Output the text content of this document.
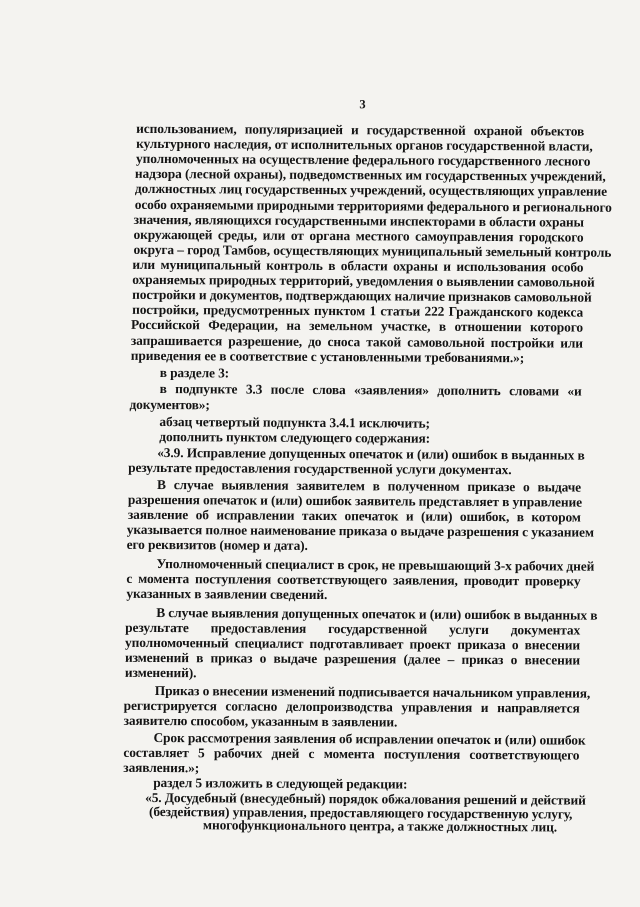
3
использованием, популяризацией и государственной охраной объектов
культурного наследия, от исполнительных органов государственной власти,
уполномоченных на осуществление федерального государственного лесного
надзора (лесной охраны), подведомственных им государственных учреждений,
должностных лиц государственных учреждений, осуществляющих управление
особо охраняемыми природными территориями федерального и регионального
значения, являющихся государственными инспекторами в области охраны
окружающей среды, или от органа местного самоуправления городского
округа – город Тамбов, осуществляющих муниципальный земельный контроль
или муниципальный контроль в области охраны и использования особо
охраняемых природных территорий, уведомления о выявлении самовольной
постройки и документов, подтверждающих наличие признаков самовольной
постройки, предусмотренных пунктом 1 статьи 222 Гражданского кодекса
Российской Федерации, на земельном участке, в отношении которого
запрашивается разрешение, до сноса такой самовольной постройки или
приведения ее в соответствие с установленными требованиями.»;
в разделе 3:
в подпункте 3.3 после слова «заявления» дополнить словами «и
документов»;
абзац четвертый подпункта 3.4.1 исключить;
дополнить пунктом следующего содержания:
«3.9. Исправление допущенных опечаток и (или) ошибок в выданных в
результате предоставления государственной услуги документах.
В случае выявления заявителем в полученном приказе о выдаче
разрешения опечаток и (или) ошибок заявитель представляет в управление
заявление об исправлении таких опечаток и (или) ошибок, в котором
указывается полное наименование приказа о выдаче разрешения с указанием
его реквизитов (номер и дата).
Уполномоченный специалист в срок, не превышающий 3-х рабочих дней
с момента поступления соответствующего заявления, проводит проверку
указанных в заявлении сведений.
В случае выявления допущенных опечаток и (или) ошибок в выданных в
результате предоставления государственной услуги документах
уполномоченный специалист подготавливает проект приказа о внесении
изменений в приказ о выдаче разрешения (далее – приказ о внесении
изменений).
Приказ о внесении изменений подписывается начальником управления,
регистрируется согласно делопроизводства управления и направляется
заявителю способом, указанным в заявлении.
Срок рассмотрения заявления об исправлении опечаток и (или) ошибок
составляет 5 рабочих дней с момента поступления соответствующего
заявления.»;
раздел 5 изложить в следующей редакции:
«5. Досудебный (внесудебный) порядок обжалования решений и действий
(бездействия) управления, предоставляющего государственную услугу,
многофункционального центра, а также должностных лиц.
